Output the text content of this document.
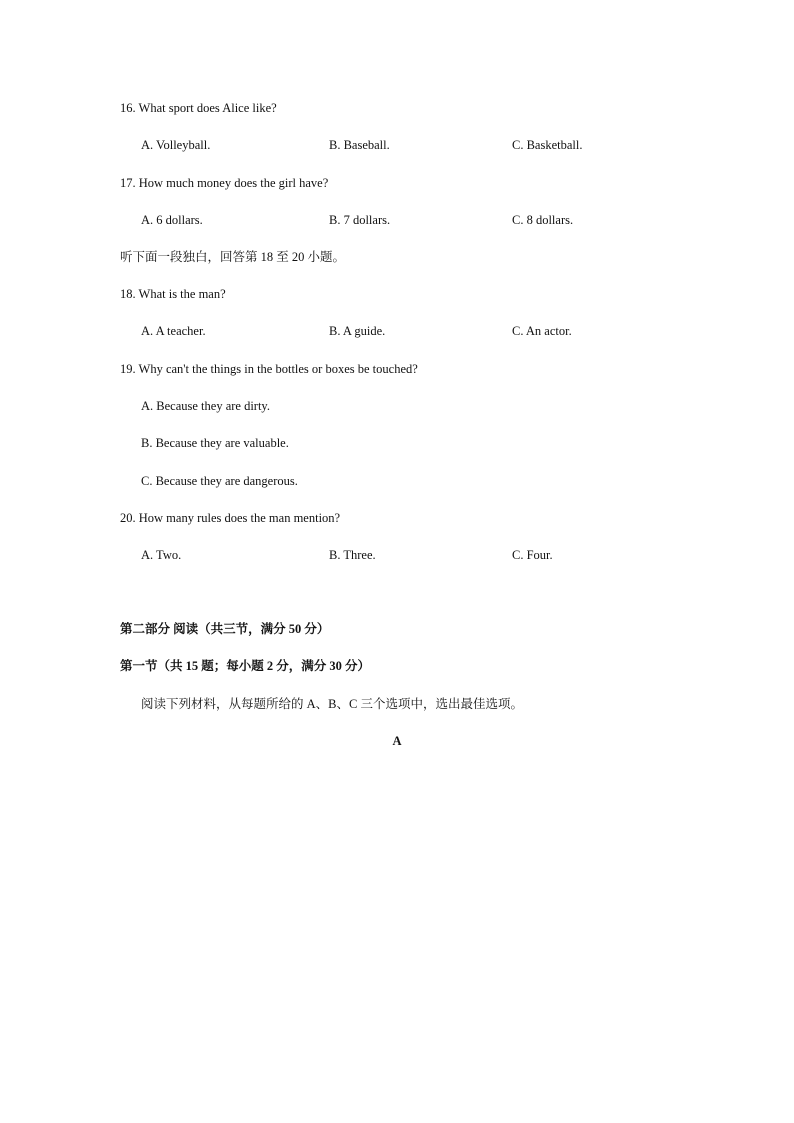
16. What sport does Alice like?
A. Volleyball.	B. Baseball.	C. Basketball.
17. How much money does the girl have?
A. 6 dollars.	B. 7 dollars.	C. 8 dollars.
听下面一段独白，回答第 18 至 20 小题。
18. What is the man?
A. A teacher.	B. A guide.	C. An actor.
19. Why can't the things in the bottles or boxes be touched?
A. Because they are dirty.
B. Because they are valuable.
C. Because they are dangerous.
20. How many rules does the man mention?
A. Two.	B. Three.	C. Four.
第二部分 阅读（共三节，满分 50 分）
第一节（共 15 题；每小题 2 分，满分 30 分）
阅读下列材料，从每题所给的 A、B、C 三个选项中，选出最佳选项。
A
